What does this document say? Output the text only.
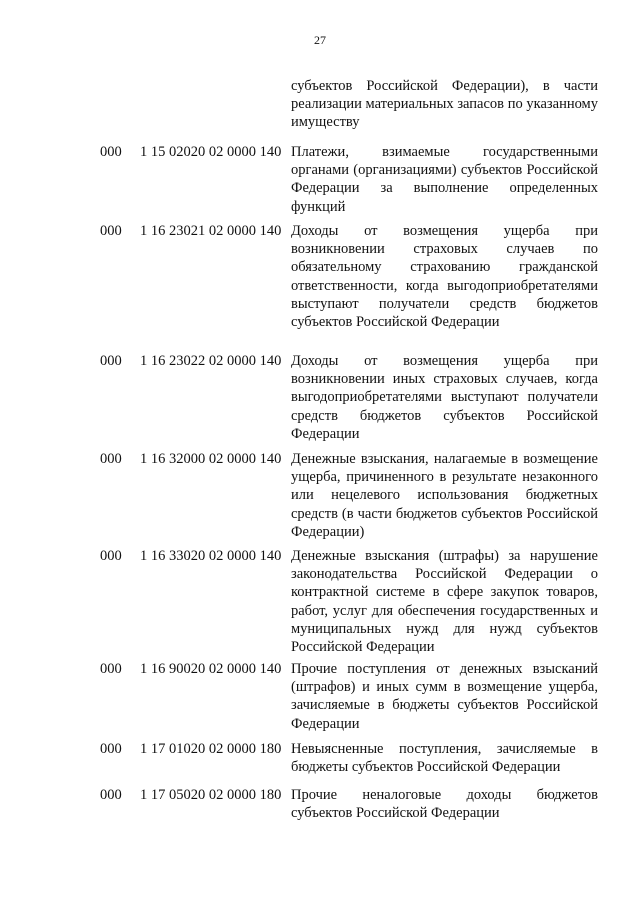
27
субъектов Российской Федерации), в части реализации материальных запасов по указанному имуществу
000 1 15 02020 02 0000 140 Платежи, взимаемые государственными органами (организациями) субъектов Российской Федерации за выполнение определенных функций
000 1 16 23021 02 0000 140 Доходы от возмещения ущерба при возникновении страховых случаев по обязательному страхованию гражданской ответственности, когда выгодоприобретателями выступают получатели средств бюджетов субъектов Российской Федерации
000 1 16 23022 02 0000 140 Доходы от возмещения ущерба при возникновении иных страховых случаев, когда выгодоприобретателями выступают получатели средств бюджетов субъектов Российской Федерации
000 1 16 32000 02 0000 140 Денежные взыскания, налагаемые в возмещение ущерба, причиненного в результате незаконного или нецелевого использования бюджетных средств (в части бюджетов субъектов Российской Федерации)
000 1 16 33020 02 0000 140 Денежные взыскания (штрафы) за нарушение законодательства Российской Федерации о контрактной системе в сфере закупок товаров, работ, услуг для обеспечения государственных и муниципальных нужд для нужд субъектов Российской Федерации
000 1 16 90020 02 0000 140 Прочие поступления от денежных взысканий (штрафов) и иных сумм в возмещение ущерба, зачисляемые в бюджеты субъектов Российской Федерации
000 1 17 01020 02 0000 180 Невыясненные поступления, зачисляемые в бюджеты субъектов Российской Федерации
000 1 17 05020 02 0000 180 Прочие неналоговые доходы бюджетов субъектов Российской Федерации
